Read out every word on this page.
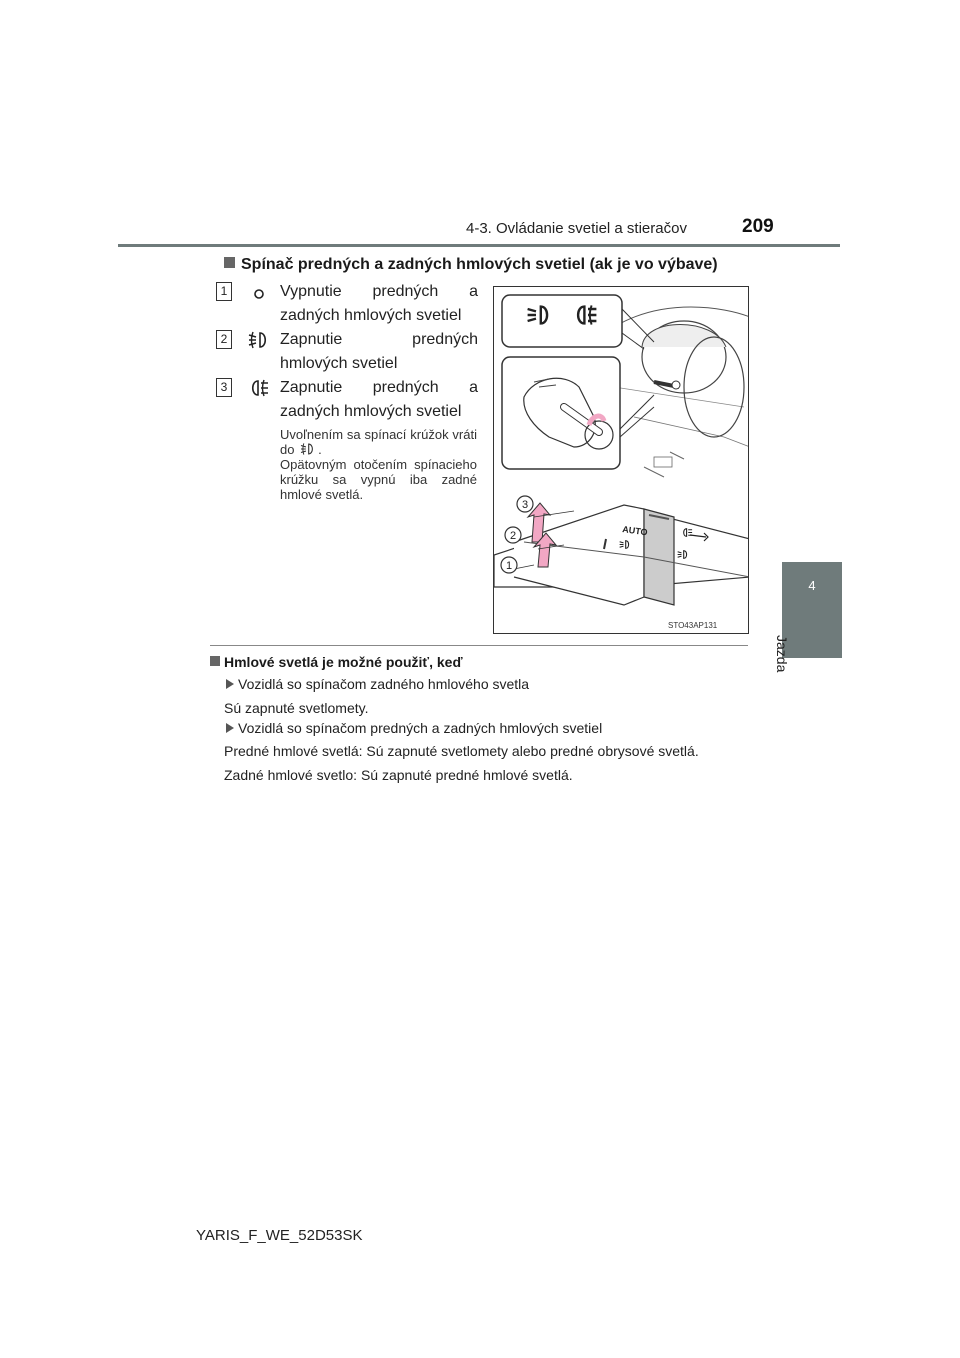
4-3. Ovládanie svetiel a stieračov	209
4
Jazda
Spínač predných a zadných hmlových svetiel (ak je vo výbave)
1	Vypnutie predných a zadných hmlových svetiel
2	Zapnutie predných hmlových svetiel
3	Zapnutie predných a zadných hmlových svetiel
Uvoľnením sa spínací krúžok vráti do .
Opätovným otočením spínacieho krúžku sa vypnú iba zadné hmlové svetlá.
AUTO
3
2
1
STO43AP131
Hmlové svetlá je možné použiť, keď
Vozidlá so spínačom zadného hmlového svetla
Sú zapnuté svetlomety.
Vozidlá so spínačom predných a zadných hmlových svetiel
Predné hmlové svetlá: Sú zapnuté svetlomety alebo predné obrysové svetlá.
Zadné hmlové svetlo: Sú zapnuté predné hmlové svetlá.
YARIS_F_WE_52D53SK
